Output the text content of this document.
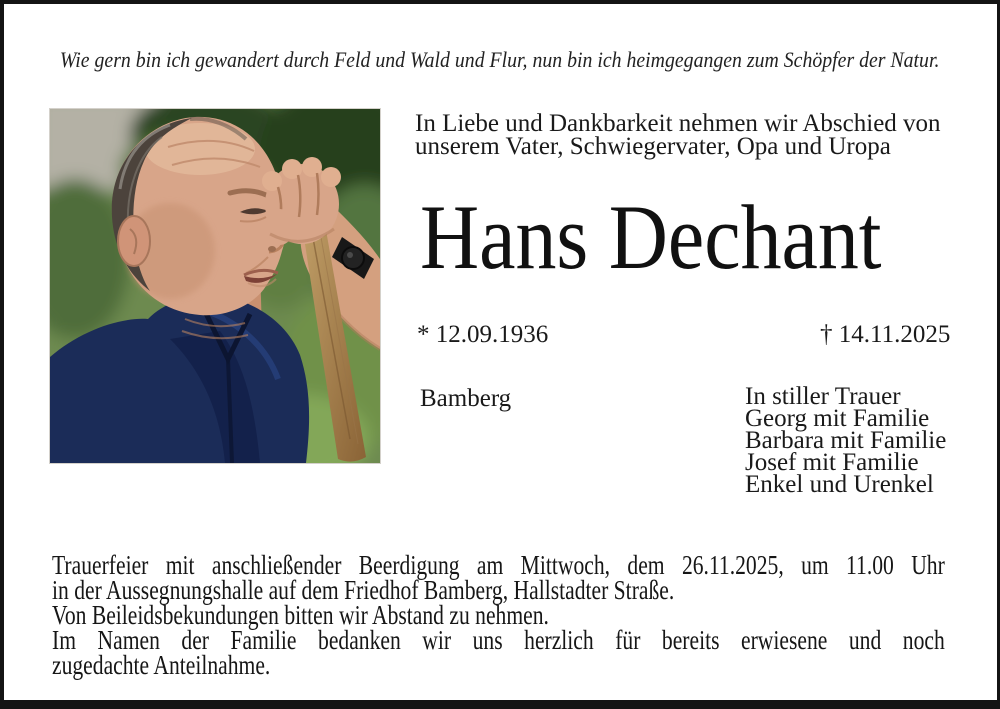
Wie gern bin ich gewandert durch Feld und Wald und Flur, nun bin ich heimgegangen zum Schöpfer der Natur.
In Liebe und Dankbarkeit nehmen wir Abschied von
unserem Vater, Schwiegervater, Opa und Uropa
Hans Dechant
* 12.09.1936	† 14.11.2025
Bamberg	In stiller Trauer
Georg mit Familie
Barbara mit Familie
Josef mit Familie
Enkel und Urenkel
Trauerfeier mit anschließender Beerdigung am Mittwoch, dem 26.11.2025, um 11.00 Uhr
in der Aussegnungshalle auf dem Friedhof Bamberg, Hallstadter Straße.
Von Beileidsbekundungen bitten wir Abstand zu nehmen.
Im Namen der Familie bedanken wir uns herzlich für bereits erwiesene und noch
zugedachte Anteilnahme.
